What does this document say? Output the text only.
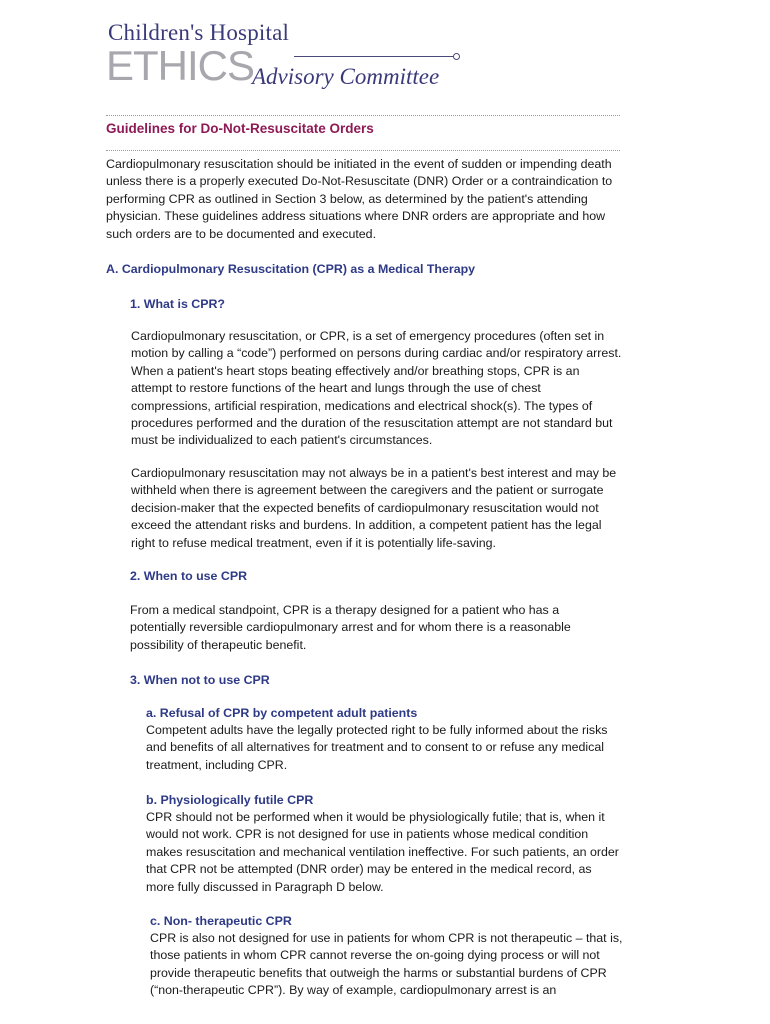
Children's Hospital
ETHICS
Advisory Committee
Guidelines for Do-Not-Resuscitate Orders
Cardiopulmonary resuscitation should be initiated in the event of sudden or impending death unless there is a properly executed Do-Not-Resuscitate (DNR) Order or a contraindication to performing CPR as outlined in Section 3 below, as determined by the patient's attending physician. These guidelines address situations where DNR orders are appropriate and how such orders are to be documented and executed.
A. Cardiopulmonary Resuscitation (CPR) as a Medical Therapy
1. What is CPR?
Cardiopulmonary resuscitation, or CPR, is a set of emergency procedures (often set in motion by calling a “code”) performed on persons during cardiac and/or respiratory arrest. When a patient's heart stops beating effectively and/or breathing stops, CPR is an attempt to restore functions of the heart and lungs through the use of chest compressions, artificial respiration, medications and electrical shock(s). The types of procedures performed and the duration of the resuscitation attempt are not standard but must be individualized to each patient's circumstances.
Cardiopulmonary resuscitation may not always be in a patient's best interest and may be withheld when there is agreement between the caregivers and the patient or surrogate decision-maker that the expected benefits of cardiopulmonary resuscitation would not exceed the attendant risks and burdens. In addition, a competent patient has the legal right to refuse medical treatment, even if it is potentially life-saving.
2. When to use CPR
From a medical standpoint, CPR is a therapy designed for a patient who has a potentially reversible cardiopulmonary arrest and for whom there is a reasonable possibility of therapeutic benefit.
3. When not to use CPR
a. Refusal of CPR by competent adult patients
Competent adults have the legally protected right to be fully informed about the risks and benefits of all alternatives for treatment and to consent to or refuse any medical treatment, including CPR.
b. Physiologically futile CPR
CPR should not be performed when it would be physiologically futile; that is, when it would not work. CPR is not designed for use in patients whose medical condition makes resuscitation and mechanical ventilation ineffective. For such patients, an order that CPR not be attempted (DNR order) may be entered in the medical record, as more fully discussed in Paragraph D below.
c. Non- therapeutic CPR
CPR is also not designed for use in patients for whom CPR is not therapeutic – that is, those patients in whom CPR cannot reverse the on-going dying process or will not provide therapeutic benefits that outweigh the harms or substantial burdens of CPR (“non-therapeutic CPR”). By way of example, cardiopulmonary arrest is an
